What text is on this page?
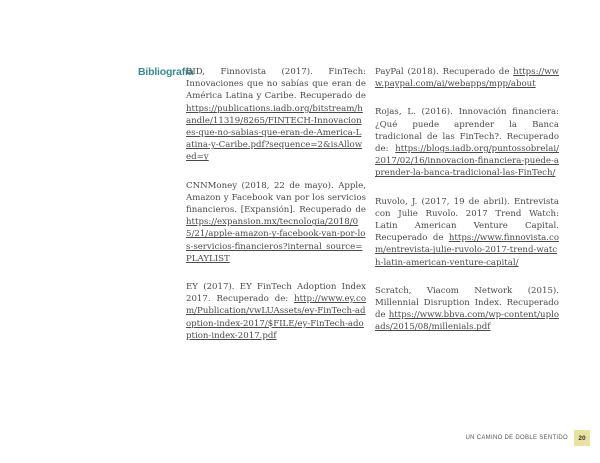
Bibliografía

BID, Finnovista (2017). FinTech: Innovaciones que no sabías que eran de América Latina y Caribe. Recuperado de https://publications.iadb.org/bitstream/handle/11319/8265/FINTECH-Innovaciones-que-no-sabias-que-eran-de-America-Latina-y-Caribe.pdf?sequence=2&isAllowed=y

CNNMoney (2018, 22 de mayo). Apple, Amazon y Facebook van por los servicios financieros. [Expansión]. Recuperado de https://expansion.mx/tecnologia/2018/05/21/apple-amazon-y-facebook-van-por-los-servicios-financieros?internal_source=PLAYLIST

EY (2017). EY FinTech Adoption Index 2017. Recuperado de: http://www.ey.com/Publication/vwLUAssets/ey-FinTech-adoption-index-2017/$FILE/ey-FinTech-adoption-index-2017.pdf

PayPal (2018). Recuperado de https://www.paypal.com/ai/webapps/mpp/about

Rojas, L. (2016). Innovación financiera: ¿Qué puede aprender la Banca tradicional de las FinTech?. Recuperado de: https://blogs.iadb.org/puntossobrelai/2017/02/16/innovacion-financiera-puede-aprender-la-banca-tradicional-las-FinTech/

Ruvolo, J. (2017, 19 de abril). Entrevista con Julie Ruvolo. 2017 Trend Watch: Latin American Venture Capital. Recuperado de https://www.finnovista.com/entrevista-julie-ruvolo-2017-trend-watch-latin-american-venture-capital/

Scratch, Viacom Network (2015). Millennial Disruption Index. Recuperado de https://www.bbva.com/wp-content/uploads/2015/08/millenials.pdf

UN CAMINO DE DOBLE SENTIDO	20
